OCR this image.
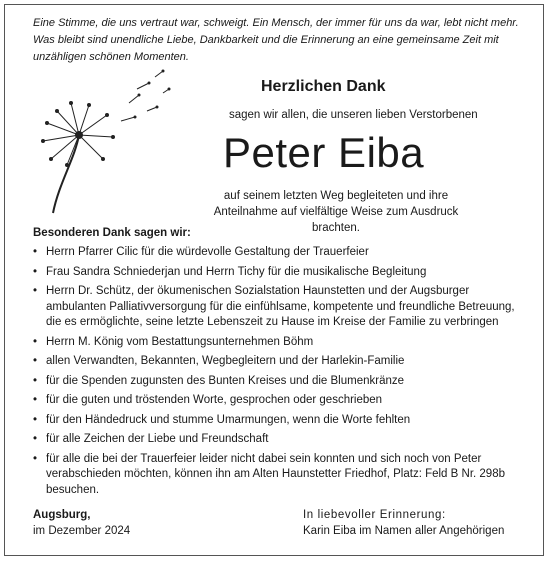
Eine Stimme, die uns vertraut war, schweigt. Ein Mensch, der immer für uns da war, lebt nicht mehr. Was bleibt sind unendliche Liebe, Dankbarkeit und die Erinnerung an eine gemeinsame Zeit mit unzähligen schönen Momenten.

Herzlichen Dank

sagen wir allen, die unseren lieben Verstorbenen

Peter Eiba

auf seinem letzten Weg begleiteten und ihre Anteilnahme auf vielfältige Weise zum Ausdruck brachten.

Besonderen Dank sagen wir:

• Herrn Pfarrer Cilic für die würdevolle Gestaltung der Trauerfeier
• Frau Sandra Schniederjan und Herrn Tichy für die musikalische Begleitung
• Herrn Dr. Schütz, der ökumenischen Sozialstation Haunstetten und der Augsburger ambulanten Palliativversorgung für die einfühlsame, kompetente und freundliche Betreuung, die es ermöglichte, seine letzte Lebenszeit zu Hause im Kreise der Familie zu verbringen
• Herrn M. König vom Bestattungsunternehmen Böhm
• allen Verwandten, Bekannten, Wegbegleitern und der Harlekin-Familie
• für die Spenden zugunsten des Bunten Kreises und die Blumenkränze
• für die guten und tröstenden Worte, gesprochen oder geschrieben
• für den Händedruck und stumme Umarmungen, wenn die Worte fehlten
• für alle Zeichen der Liebe und Freundschaft
• für alle die bei der Trauerfeier leider nicht dabei sein konnten und sich noch von Peter verabschieden möchten, können ihn am Alten Haunstetter Friedhof, Platz: Feld B Nr. 298b besuchen.

Augsburg,

im Dezember 2024

In liebevoller Erinnerung:

Karin Eiba im Namen aller Angehörigen
